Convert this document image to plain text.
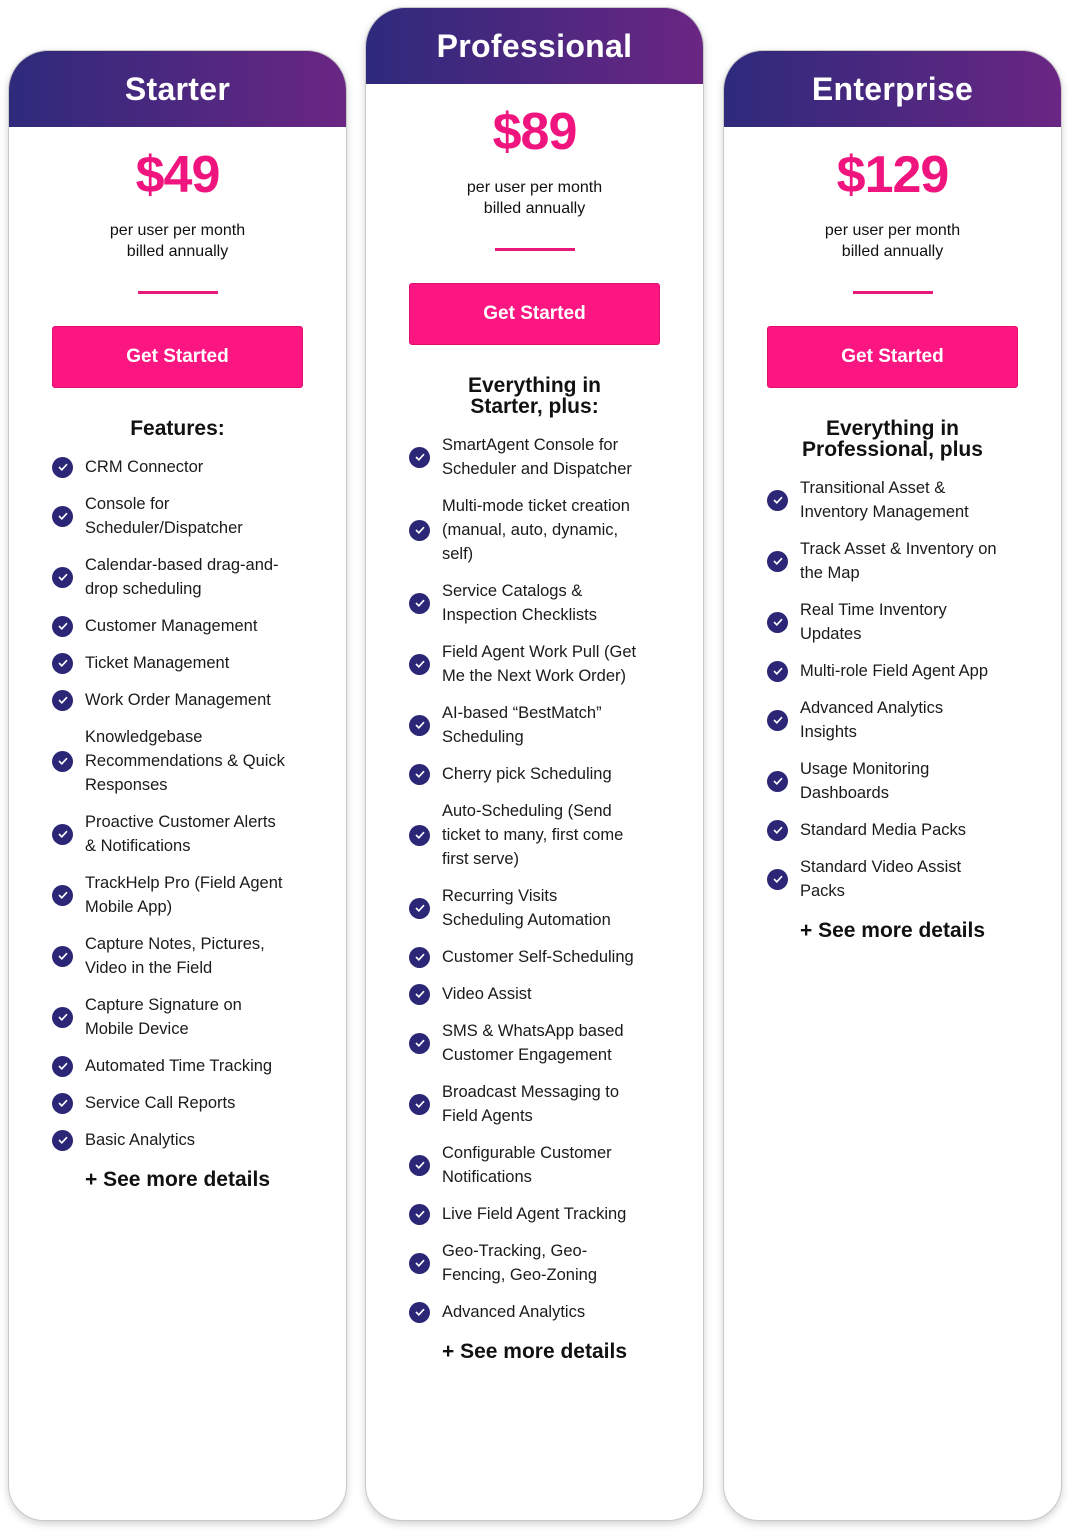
Starter
$49
per user per month
billed annually
Get Started
Features:
CRM Connector
Console for
Scheduler/Dispatcher
Calendar-based drag-and-
drop scheduling
Customer Management
Ticket Management
Work Order Management
Knowledgebase
Recommendations & Quick
Responses
Proactive Customer Alerts
& Notifications
TrackHelp Pro (Field Agent
Mobile App)
Capture Notes, Pictures,
Video in the Field
Capture Signature on
Mobile Device
Automated Time Tracking
Service Call Reports
Basic Analytics
+ See more details
Professional
$89
per user per month
billed annually
Get Started
Everything in
Starter, plus:
SmartAgent Console for
Scheduler and Dispatcher
Multi-mode ticket creation
(manual, auto, dynamic,
self)
Service Catalogs &
Inspection Checklists
Field Agent Work Pull (Get
Me the Next Work Order)
AI-based “BestMatch”
Scheduling
Cherry pick Scheduling
Auto-Scheduling (Send
ticket to many, first come
first serve)
Recurring Visits
Scheduling Automation
Customer Self-Scheduling
Video Assist
SMS & WhatsApp based
Customer Engagement
Broadcast Messaging to
Field Agents
Configurable Customer
Notifications
Live Field Agent Tracking
Geo-Tracking, Geo-
Fencing, Geo-Zoning
Advanced Analytics
+ See more details
Enterprise
$129
per user per month
billed annually
Get Started
Everything in
Professional, plus
Transitional Asset &
Inventory Management
Track Asset & Inventory on
the Map
Real Time Inventory
Updates
Multi-role Field Agent App
Advanced Analytics
Insights
Usage Monitoring
Dashboards
Standard Media Packs
Standard Video Assist
Packs
+ See more details
